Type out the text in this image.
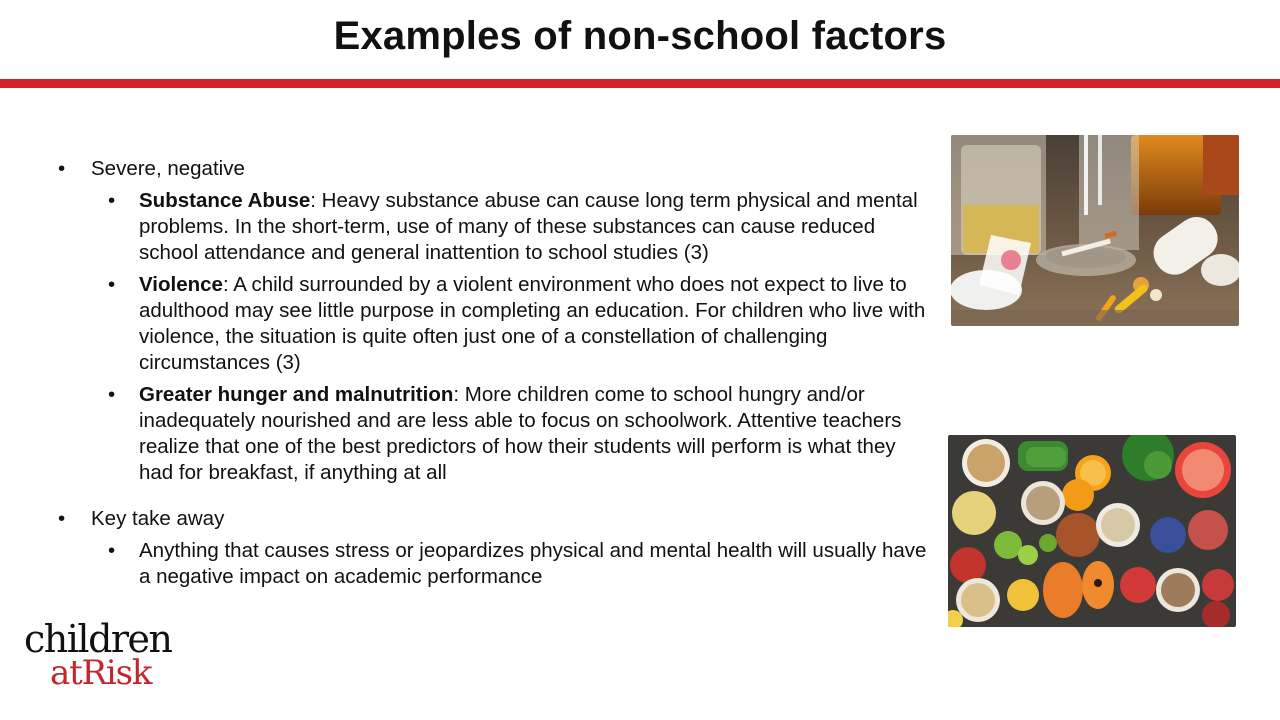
Examples of non-school factors
• Severe, negative
• Substance Abuse: Heavy substance abuse can cause long term physical and mental problems. In the short-term, use of many of these substances can cause reduced school attendance and general inattention to school studies (3)
• Violence: A child surrounded by a violent environment who does not expect to live to adulthood may see little purpose in completing an education. For children who live with violence, the situation is quite often just one of a constellation of challenging circumstances (3)
• Greater hunger and malnutrition: More children come to school hungry and/or inadequately nourished and are less able to focus on schoolwork. Attentive teachers realize that one of the best predictors of how their students will perform is what they had for breakfast, if anything at all
• Key take away
• Anything that causes stress or jeopardizes physical and mental health will usually have a negative impact on academic performance
children
atRisk
